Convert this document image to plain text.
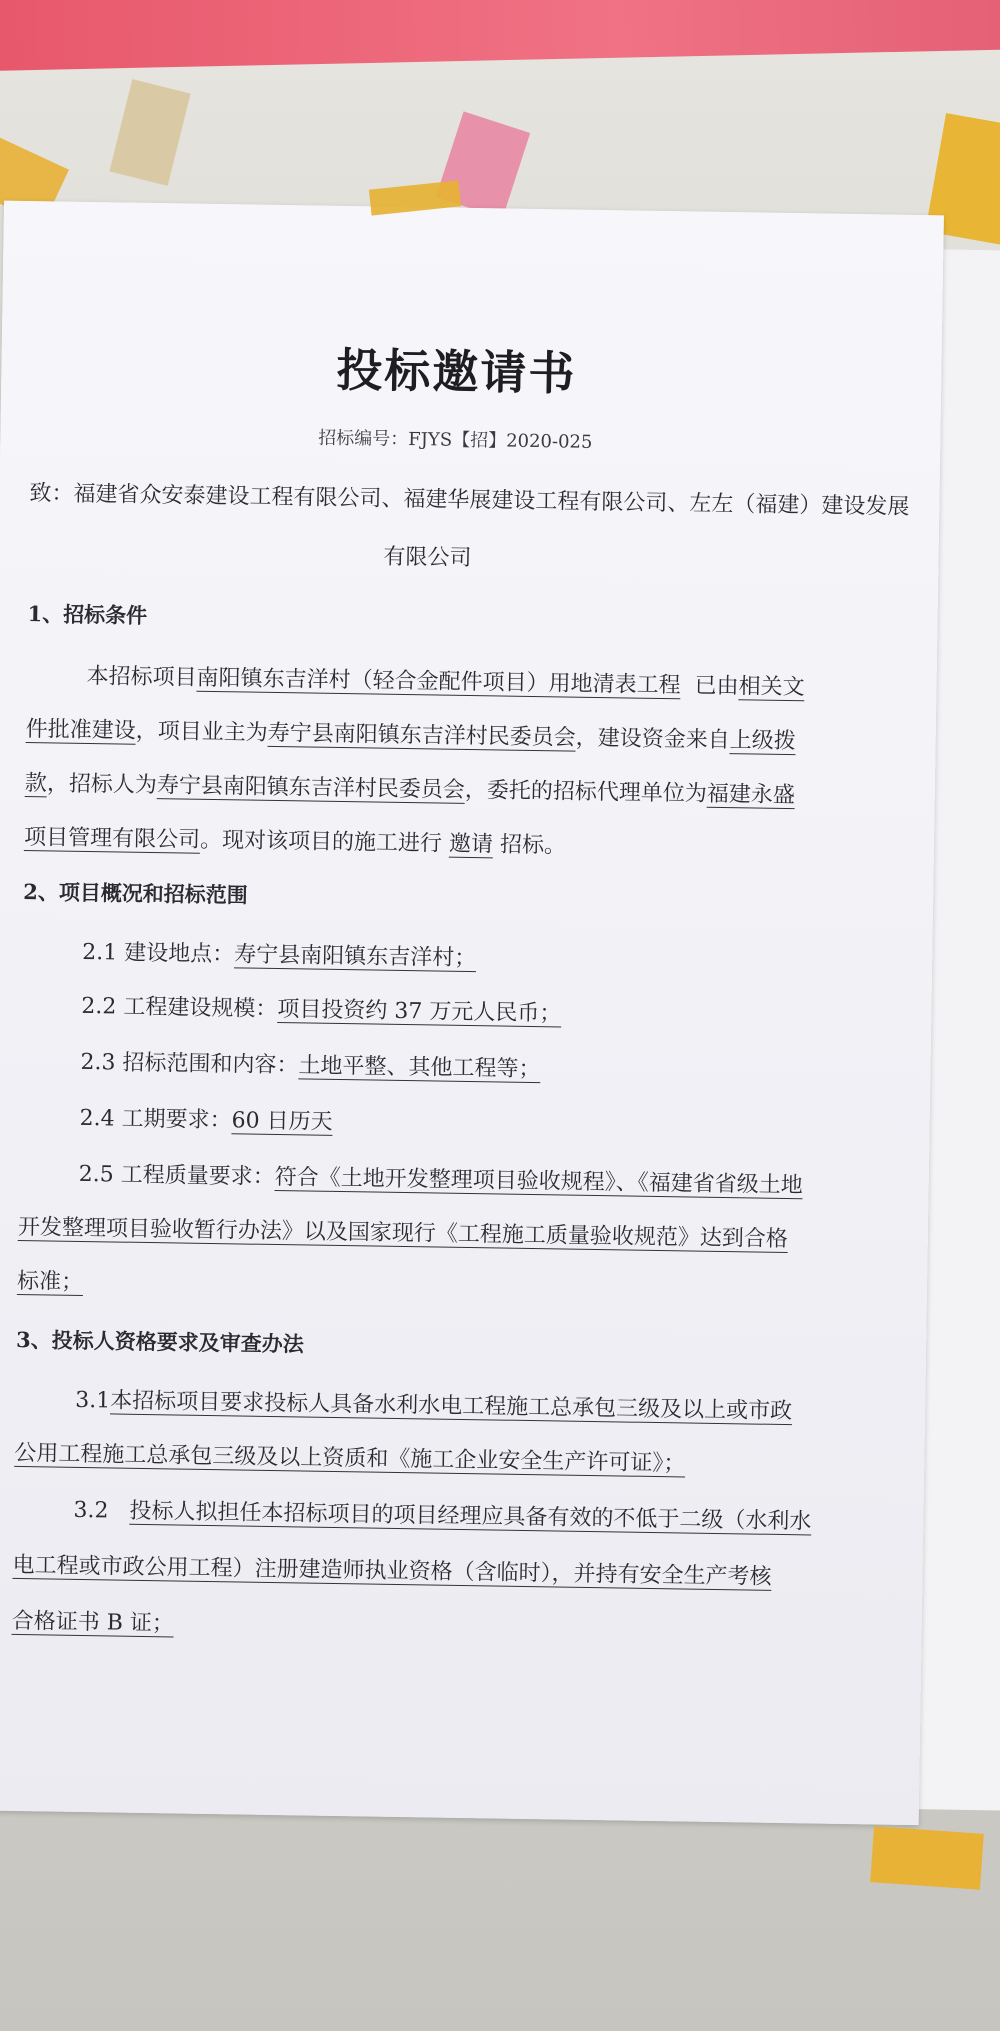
投标邀请书
招标编号：FJYS【招】2020-025
致：福建省众安泰建设工程有限公司、福建华展建设工程有限公司、左左（福建）建设发展
有限公司
1、招标条件
本招标项目南阳镇东吉洋村（轻合金配件项目）用地清表工程 已由相关文
件批准建设，项目业主为寿宁县南阳镇东吉洋村民委员会，建设资金来自上级拨
款，招标人为寿宁县南阳镇东吉洋村民委员会，委托的招标代理单位为福建永盛
项目管理有限公司。现对该项目的施工进行 邀请 招标。
2、项目概况和招标范围
2.1 建设地点：寿宁县南阳镇东吉洋村；
2.2 工程建设规模：项目投资约 37 万元人民币；
2.3 招标范围和内容：土地平整、其他工程等；
2.4 工期要求：60 日历天
2.5 工程质量要求：符合《土地开发整理项目验收规程》、《福建省省级土地
开发整理项目验收暂行办法》以及国家现行《工程施工质量验收规范》达到合格
标准；
3、投标人资格要求及审查办法
3.1本招标项目要求投标人具备水利水电工程施工总承包三级及以上或市政
公用工程施工总承包三级及以上资质和《施工企业安全生产许可证》；
3.2 投标人拟担任本招标项目的项目经理应具备有效的不低于二级（水利水
电工程或市政公用工程）注册建造师执业资格（含临时），并持有安全生产考核
合格证书 B 证；
